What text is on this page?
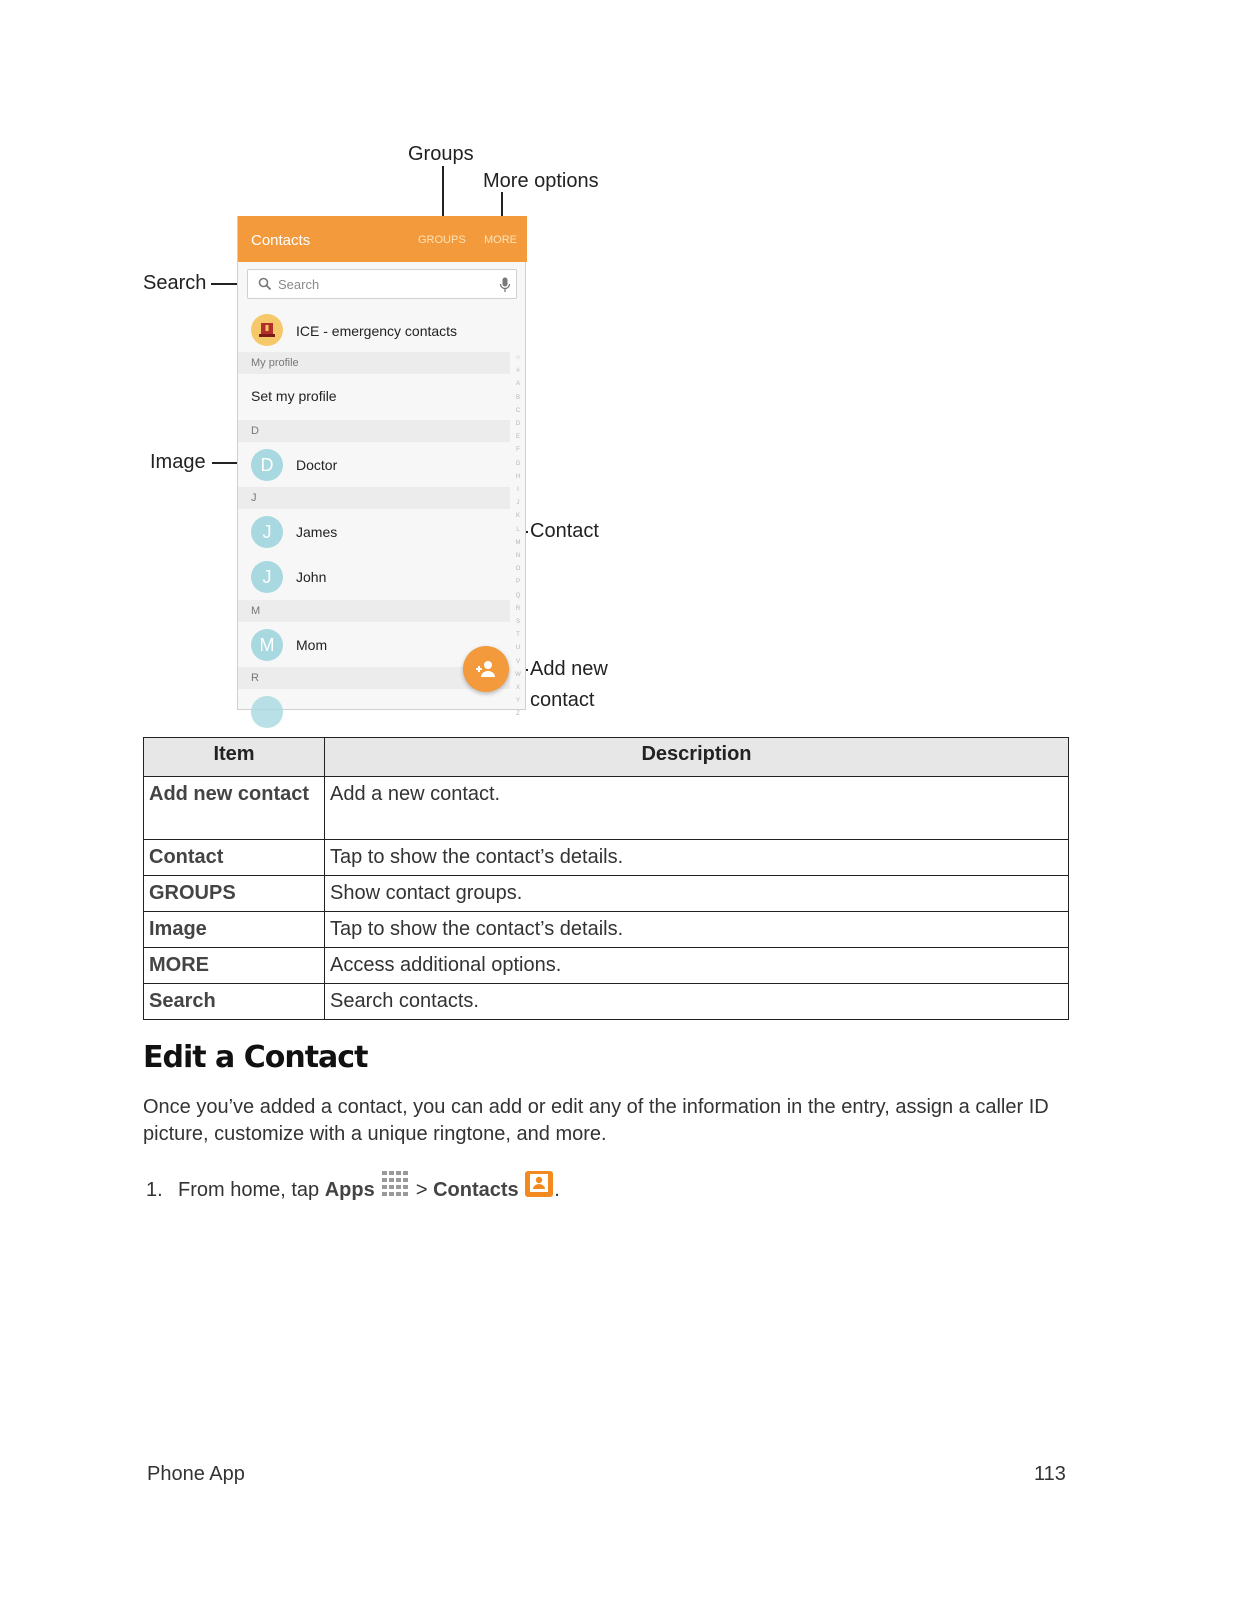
Groups
More options
Search
Image
Contact
Add new
contact
Contacts	GROUPS MORE
Search
ICE - emergency contacts
My profile
Set my profile
D
D	Doctor
J
J	James
J	John
M
M	Mom
R
☆
#
A
B
C
D
E
F
G
H
I
J
K
L
M
N
O
P
Q
R
S
T
U
V
W
X
Y
Z
Item	Description
Add new contact	Add a new contact.
Contact	Tap to show the contact’s details.
GROUPS	Show contact groups.
Image	Tap to show the contact’s details.
MORE	Access additional options.
Search	Search contacts.
Edit a Contact

Once you’ve added a contact, you can add or edit any of the information in the entry, assign a caller ID picture, customize with a unique ringtone, and more.

1. From home, tap Apps  > Contacts .
Phone App	113
